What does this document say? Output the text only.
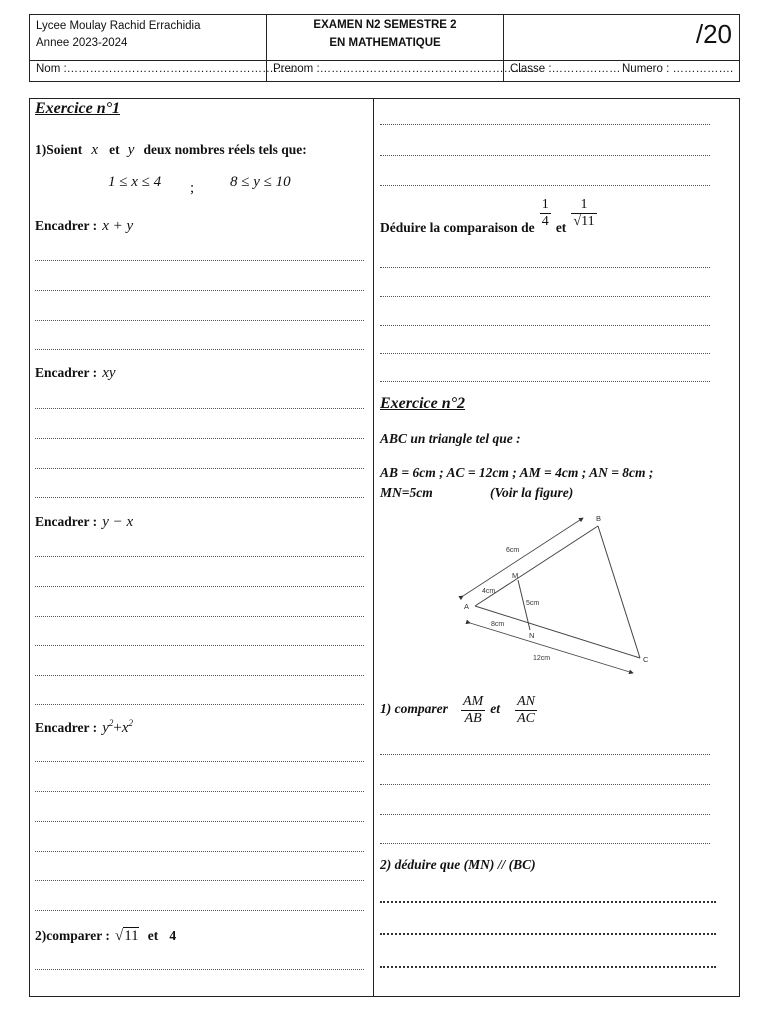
Lycee Moulay Rachid Errachidia
Annee 2023-2024
EXAMEN N2 SEMESTRE 2
EN MATHEMATIQUE	/20
Nom :……………………………………………………
Prenom :…………………………………………………
Classe :……………… Numero : …………….
Exercice n°1
1)Soient x et y deux nombres réels tels que:
1 ≤ x ≤ 4 ; 8 ≤ y ≤ 10
Encadrer : x + y
Encadrer : xy
Encadrer : y − x
Encadrer : $y^2+x^2$
2)comparer : √11 et 4
$_{Déduire la comparaison de} \frac{1}{4} _{et} \frac{1}{√11}$
Exercice n°2
ABC un triangle tel que :
AB = 6cm ; AC = 12cm ; AM = 4cm ; AN = 8cm ;
MN=5cm	(Voir la figure)
A
B
C
M
N
6cm
4cm
5cm
8cm
12cm
1) comparer $\frac{AM}{AB}$ et $\frac{AN}{AC}$
2) déduire que (MN) // (BC)
